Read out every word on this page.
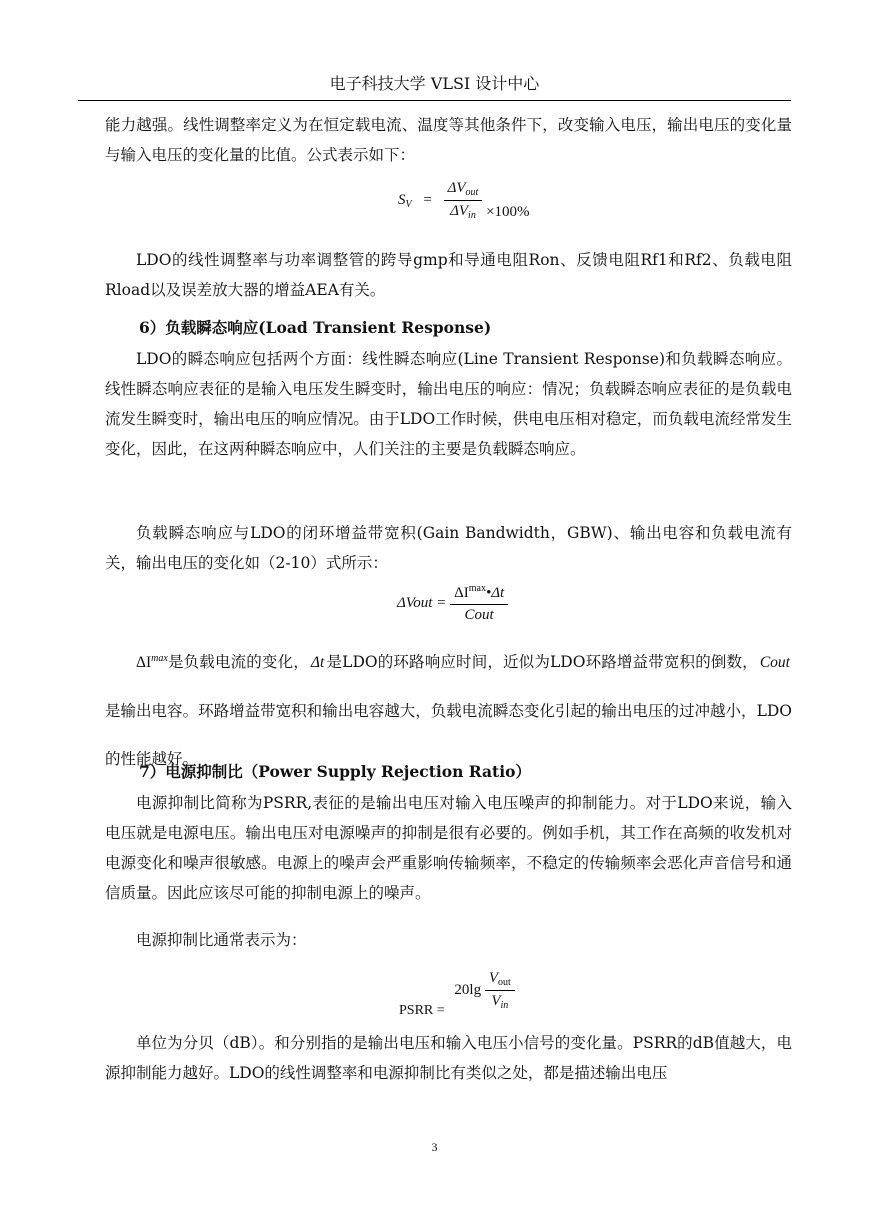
电子科技大学 VLSI 设计中心

能力越强。线性调整率定义为在恒定载电流、温度等其他条件下，改变输入电压，输出电压的变化量与输入电压的变化量的比值。公式表示如下：

$S_V = \frac{\Delta V_{out}}{\Delta V_{in}} \times 100\%$

LDO的线性调整率与功率调整管的跨导gmp和导通电阻Ron、反馈电阻Rf1和Rf2、负载电阻Rload以及误差放大器的增益AEA有关。

6）负载瞬态响应(Load Transient Response)

LDO的瞬态响应包括两个方面：线性瞬态响应(Line Transient Response)和负载瞬态响应。线性瞬态响应表征的是输入电压发生瞬变时，输出电压的响应：情况；负载瞬态响应表征的是负载电流发生瞬变时，输出电压的响应情况。由于LDO工作时候，供电电压相对稳定，而负载电流经常发生变化，因此，在这两种瞬态响应中，人们关注的主要是负载瞬态响应。

负载瞬态响应与LDO的闭环增益带宽积(Gain Bandwidth，GBW)、输出电容和负载电流有关，输出电压的变化如（2-10）式所示：

ΔVout = $\frac{\Delta I^{max}•\Delta t}{\text{Cout}}$

$\Delta I^{max}$是负载电流的变化， Δt 是LDO的环路响应时间，近似为LDO环路增益带宽积的倒数， Cout是输出电容。环路增益带宽积和输出电容越大，负载电流瞬态变化引起的输出电压的过冲越小，LDO的性能越好。

7）电源抑制比（Power Supply Rejection Ratio）

电源抑制比简称为PSRR,表征的是输出电压对输入电压噪声的抑制能力。对于LDO来说，输入电压就是电源电压。输出电压对电源噪声的抑制是很有必要的。例如手机，其工作在高频的收发机对电源变化和噪声很敏感。电源上的噪声会严重影响传输频率，不稳定的传输频率会恶化声音信号和通信质量。因此应该尽可能的抑制电源上的噪声。

电源抑制比通常表示为：

PSRR = $20\lg \frac{V_{out}}{V_{in}}$

单位为分贝（dB）。和分别指的是输出电压和输入电压小信号的变化量。PSRR的dB值越大，电源抑制能力越好。LDO的线性调整率和电源抑制比有类似之处，都是描述输出电压

3
